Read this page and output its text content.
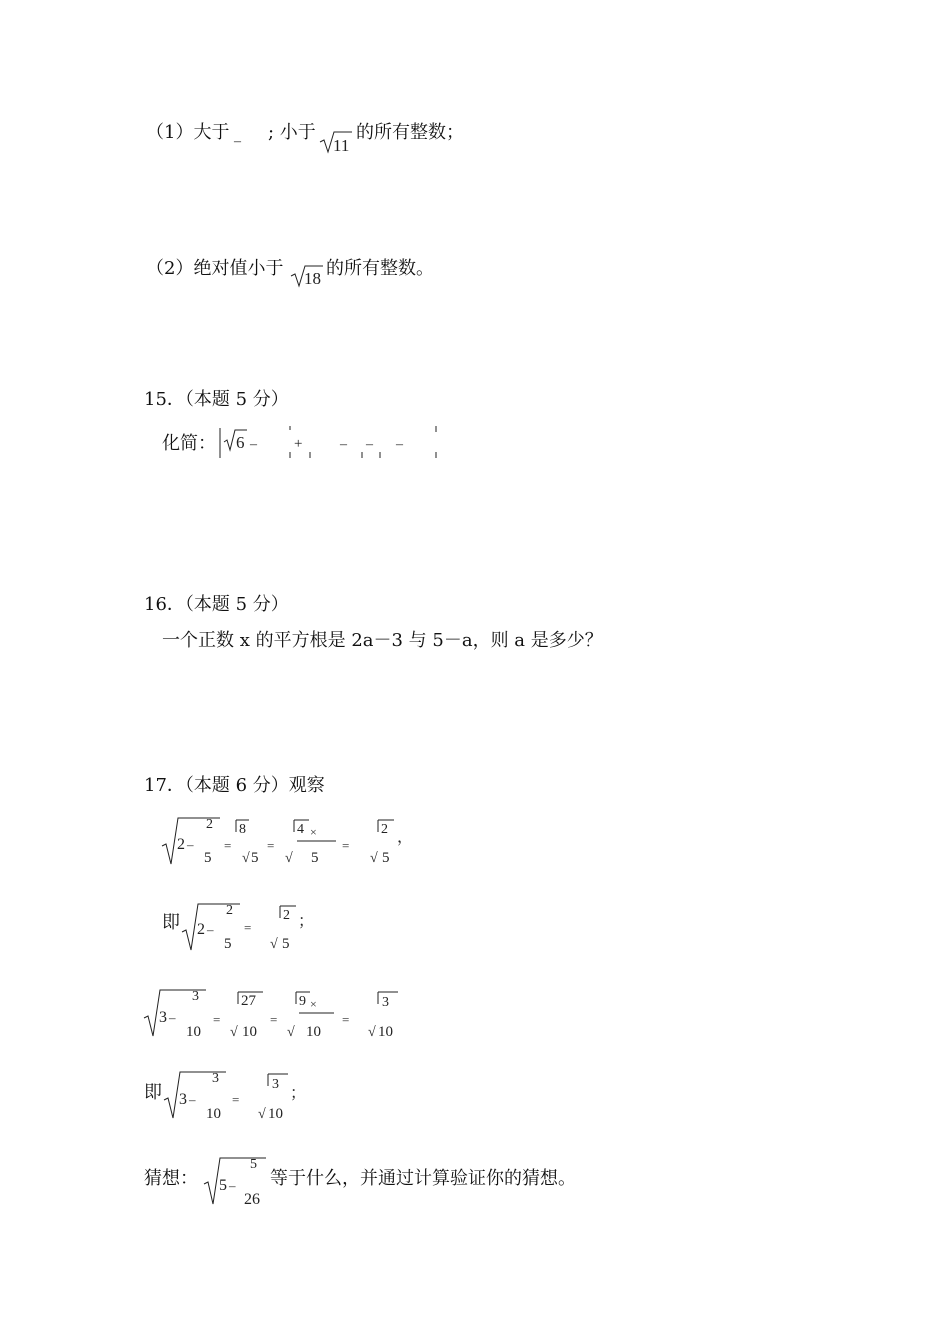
（1）大于 – ; 小于
11
的所有整数；
（2）绝对值小于 18 的所有整数。
15．（本题 5 分）
化简： 6 – +	– – –
16．（本题 5 分）
一个正数 x 的平方根是 2a－3 与 5－a，则 a 是多少？
17．（本题 6 分）观察
2 –
2
5
=
8
√ 5
=
4 ×
√ 5
=
2
√ 5
，
即 2 –
2
5
=
2
√ 5
；
3 –
3
10
=
27
√ 10
=
9 ×
√ 10
=
3
√ 10
即 3 –
3
10
=
3
√ 10
；
猜想： 5 –
5
26
等于什么，并通过计算验证你的猜想。
